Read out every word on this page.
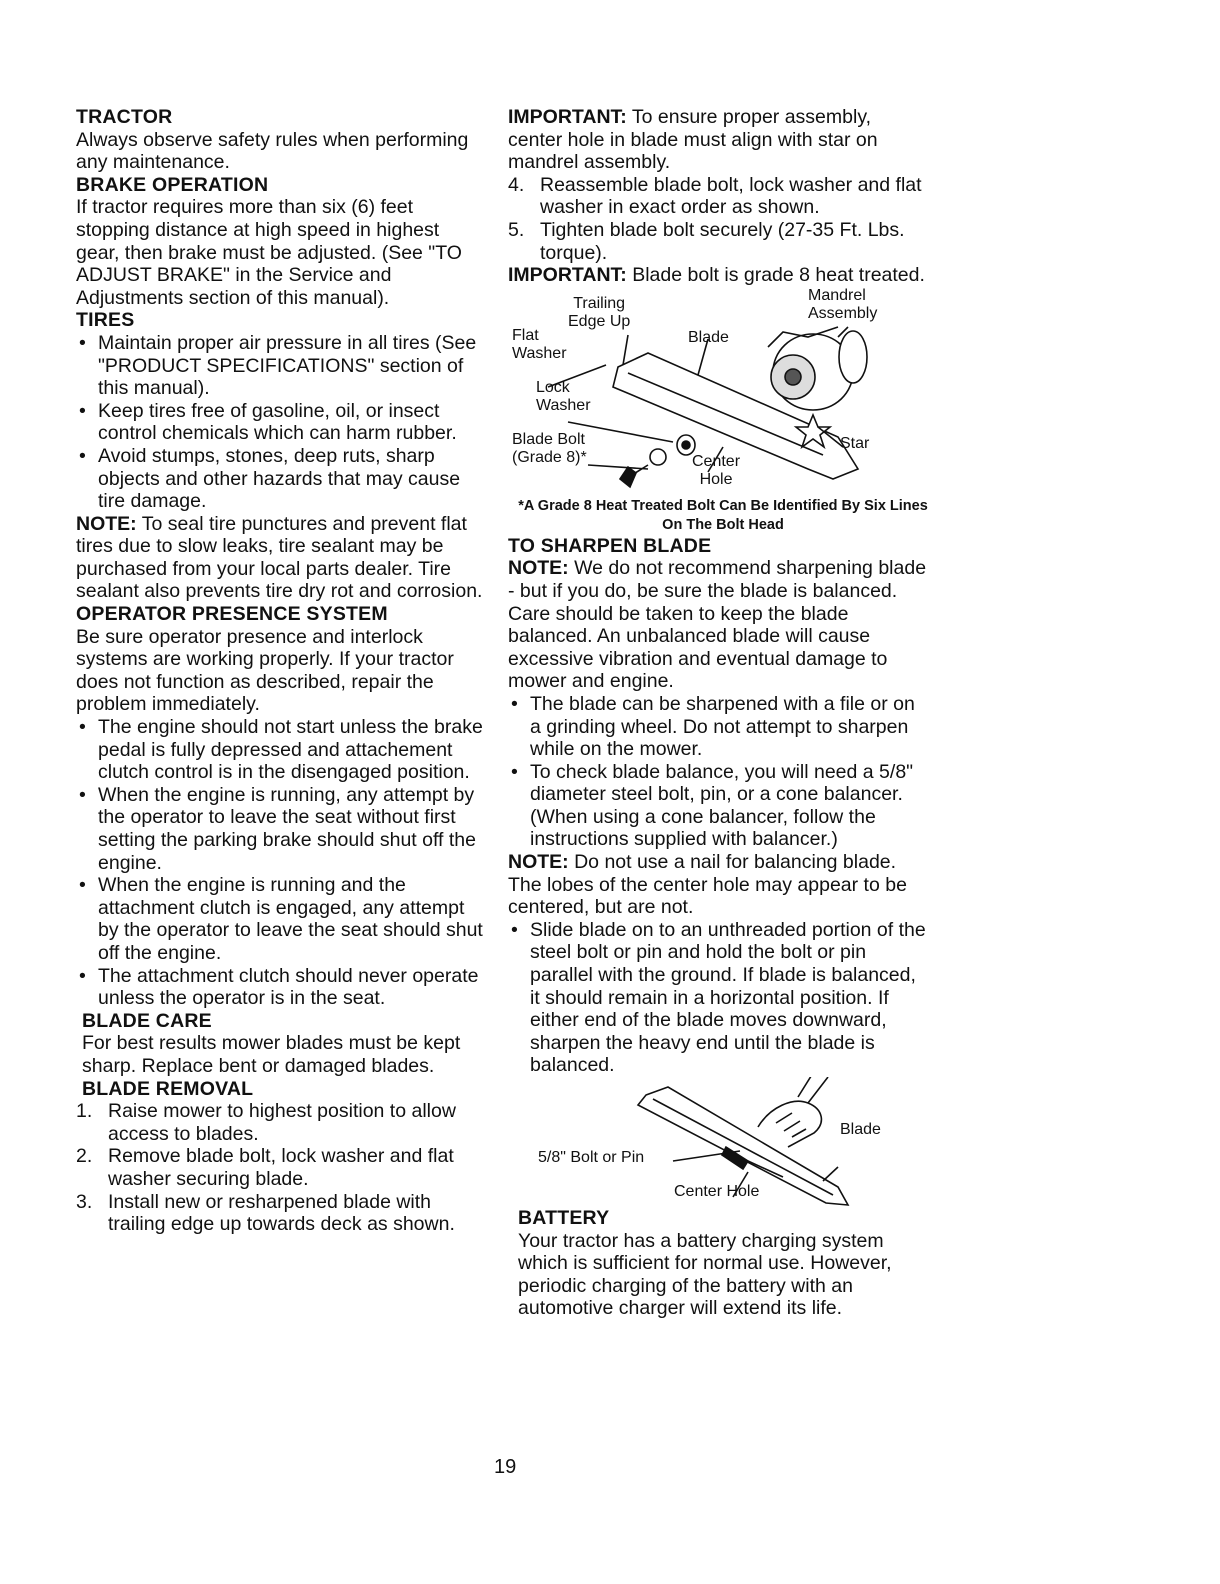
TRACTOR

Always observe safety rules when performing any maintenance.

BRAKE OPERATION

If tractor requires more than six (6) feet stopping distance at high speed in highest gear, then brake must be adjusted. (See "TO ADJUST BRAKE" in the Service and Adjustments section of this manual).

TIRES

• Maintain proper air pressure in all tires (See "PRODUCT SPECIFICATIONS" section of this manual).
• Keep tires free of gasoline, oil, or insect control chemicals which can harm rubber.
• Avoid stumps, stones, deep ruts, sharp objects and other hazards that may cause tire damage.

NOTE: To seal tire punctures and prevent flat tires due to slow leaks, tire sealant may be purchased from your local parts dealer. Tire sealant also prevents tire dry rot and corrosion.

OPERATOR PRESENCE SYSTEM

Be sure operator presence and interlock systems are working properly. If your tractor does not function as described, repair the problem immediately.

• The engine should not start unless the brake pedal is fully depressed and attachement clutch control is in the disengaged position.
• When the engine is running, any attempt by the operator to leave the seat without first setting the parking brake should shut off the engine.
• When the engine is running and the attachment clutch is engaged, any attempt by the operator to leave the seat should shut off the engine.
• The attachment clutch should never operate unless the operator is in the seat.

BLADE CARE

For best results mower blades must be kept sharp. Replace bent or damaged blades.

BLADE REMOVAL

1. Raise mower to highest position to allow access to blades.
2. Remove blade bolt, lock washer and flat washer securing blade.
3. Install new or resharpened blade with trailing edge up towards deck as shown.

IMPORTANT: To ensure proper assembly, center hole in blade must align with star on mandrel assembly.

4. Reassemble blade bolt, lock washer and flat washer in exact order as shown.
5. Tighten blade bolt securely (27-35 Ft. Lbs. torque).

IMPORTANT: Blade bolt is grade 8 heat treated.

Trailing
Edge Up
Flat
Washer
Lock
Washer
Blade Bolt
(Grade 8)*
Blade
Mandrel
Assembly
Star
Center
Hole

*A Grade 8 Heat Treated Bolt Can Be Identified By Six Lines On The Bolt Head

TO SHARPEN BLADE

NOTE: We do not recommend sharpening blade - but if you do, be sure the blade is balanced.

Care should be taken to keep the blade balanced. An unbalanced blade will cause excessive vibration and eventual damage to mower and engine.

• The blade can be sharpened with a file or on a grinding wheel. Do not attempt to sharpen while on the mower.
• To check blade balance, you will need a 5/8" diameter steel bolt, pin, or a cone balancer. (When using a cone balancer, follow the instructions supplied with balancer.)

NOTE: Do not use a nail for balancing blade. The lobes of the center hole may appear to be centered, but are not.

• Slide blade on to an unthreaded portion of the steel bolt or pin and hold the bolt or pin parallel with the ground. If blade is balanced, it should remain in a horizontal position. If either end of the blade moves downward, sharpen the heavy end until the blade is balanced.
5/8" Bolt or Pin
Blade
Center Hole

BATTERY

Your tractor has a battery charging system which is sufficient for normal use. However, periodic charging of the battery with an automotive charger will extend its life.

19
